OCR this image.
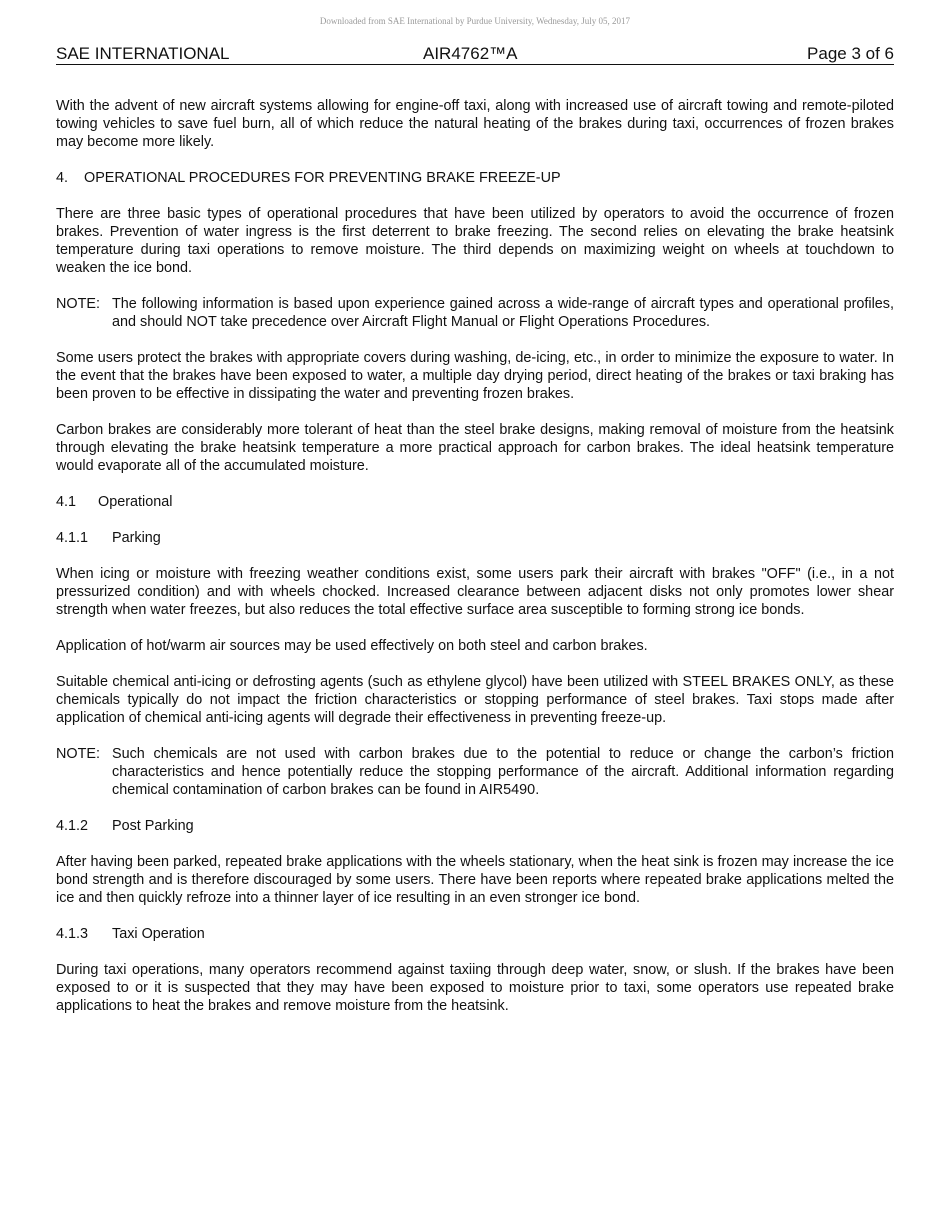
Downloaded from SAE International by Purdue University, Wednesday, July 05, 2017
SAE INTERNATIONAL	AIR4762™A	Page 3 of 6

With the advent of new aircraft systems allowing for engine-off taxi, along with increased use of aircraft towing and remote-piloted towing vehicles to save fuel burn, all of which reduce the natural heating of the brakes during taxi, occurrences of frozen brakes may become more likely.

4. OPERATIONAL PROCEDURES FOR PREVENTING BRAKE FREEZE-UP

There are three basic types of operational procedures that have been utilized by operators to avoid the occurrence of frozen brakes. Prevention of water ingress is the first deterrent to brake freezing. The second relies on elevating the brake heatsink temperature during taxi operations to remove moisture. The third depends on maximizing weight on wheels at touchdown to weaken the ice bond.

NOTE: The following information is based upon experience gained across a wide-range of aircraft types and operational profiles, and should NOT take precedence over Aircraft Flight Manual or Flight Operations Procedures.

Some users protect the brakes with appropriate covers during washing, de-icing, etc., in order to minimize the exposure to water. In the event that the brakes have been exposed to water, a multiple day drying period, direct heating of the brakes or taxi braking has been proven to be effective in dissipating the water and preventing frozen brakes.

Carbon brakes are considerably more tolerant of heat than the steel brake designs, making removal of moisture from the heatsink through elevating the brake heatsink temperature a more practical approach for carbon brakes. The ideal heatsink temperature would evaporate all of the accumulated moisture.

4.1 Operational
4.1.1 Parking

When icing or moisture with freezing weather conditions exist, some users park their aircraft with brakes "OFF" (i.e., in a not pressurized condition) and with wheels chocked. Increased clearance between adjacent disks not only promotes lower shear strength when water freezes, but also reduces the total effective surface area susceptible to forming strong ice bonds.

Application of hot/warm air sources may be used effectively on both steel and carbon brakes.

Suitable chemical anti-icing or defrosting agents (such as ethylene glycol) have been utilized with STEEL BRAKES ONLY, as these chemicals typically do not impact the friction characteristics or stopping performance of steel brakes. Taxi stops made after application of chemical anti-icing agents will degrade their effectiveness in preventing freeze-up.

NOTE: Such chemicals are not used with carbon brakes due to the potential to reduce or change the carbon’s friction characteristics and hence potentially reduce the stopping performance of the aircraft. Additional information regarding chemical contamination of carbon brakes can be found in AIR5490.
4.1.2 Post Parking

After having been parked, repeated brake applications with the wheels stationary, when the heat sink is frozen may increase the ice bond strength and is therefore discouraged by some users. There have been reports where repeated brake applications melted the ice and then quickly refroze into a thinner layer of ice resulting in an even stronger ice bond.

4.1.3 Taxi Operation

During taxi operations, many operators recommend against taxiing through deep water, snow, or slush. If the brakes have been exposed to or it is suspected that they may have been exposed to moisture prior to taxi, some operators use repeated brake applications to heat the brakes and remove moisture from the heatsink.
